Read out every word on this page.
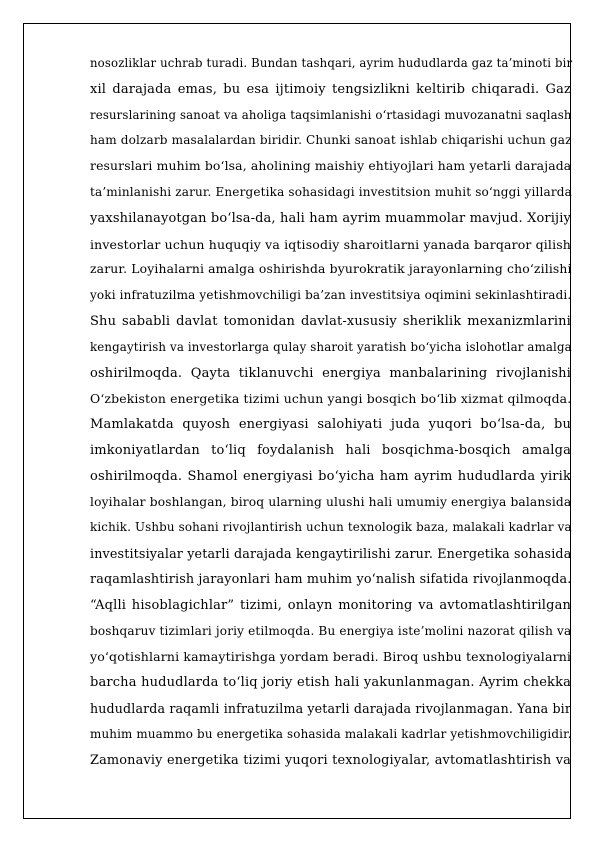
nosozliklar uchrab turadi. Bundan tashqari, ayrim hududlarda gaz ta’minoti bir
xil darajada emas, bu esa ijtimoiy tengsizlikni keltirib chiqaradi. Gaz
resurslarining sanoat va aholiga taqsimlanishi o‘rtasidagi muvozanatni saqlash
ham dolzarb masalalardan biridir. Chunki sanoat ishlab chiqarishi uchun gaz
resurslari muhim bo‘lsa, aholining maishiy ehtiyojlari ham yetarli darajada
ta’minlanishi zarur. Energetika sohasidagi investitsion muhit so‘nggi yillarda
yaxshilanayotgan bo‘lsa-da, hali ham ayrim muammolar mavjud. Xorijiy
investorlar uchun huquqiy va iqtisodiy sharoitlarni yanada barqaror qilish
zarur. Loyihalarni amalga oshirishda byurokratik jarayonlarning cho‘zilishi
yoki infratuzilma yetishmovchiligi ba’zan investitsiya oqimini sekinlashtiradi.
Shu sababli davlat tomonidan davlat-xususiy sheriklik mexanizmlarini
kengaytirish va investorlarga qulay sharoit yaratish bo‘yicha islohotlar amalga
oshirilmoqda. Qayta tiklanuvchi energiya manbalarining rivojlanishi
O‘zbekiston energetika tizimi uchun yangi bosqich bo‘lib xizmat qilmoqda.
Mamlakatda quyosh energiyasi salohiyati juda yuqori bo‘lsa-da, bu
imkoniyatlardan to‘liq foydalanish hali bosqichma-bosqich amalga
oshirilmoqda. Shamol energiyasi bo‘yicha ham ayrim hududlarda yirik
loyihalar boshlangan, biroq ularning ulushi hali umumiy energiya balansida
kichik. Ushbu sohani rivojlantirish uchun texnologik baza, malakali kadrlar va
investitsiyalar yetarli darajada kengaytirilishi zarur. Energetika sohasida
raqamlashtirish jarayonlari ham muhim yo‘nalish sifatida rivojlanmoqda.
“Aqlli hisoblagichlar” tizimi, onlayn monitoring va avtomatlashtirilgan
boshqaruv tizimlari joriy etilmoqda. Bu energiya iste’molini nazorat qilish va
yo‘qotishlarni kamaytirishga yordam beradi. Biroq ushbu texnologiyalarni
barcha hududlarda to‘liq joriy etish hali yakunlanmagan. Ayrim chekka
hududlarda raqamli infratuzilma yetarli darajada rivojlanmagan. Yana bir
muhim muammo bu energetika sohasida malakali kadrlar yetishmovchiligidir.
Zamonaviy energetika tizimi yuqori texnologiyalar, avtomatlashtirish va
